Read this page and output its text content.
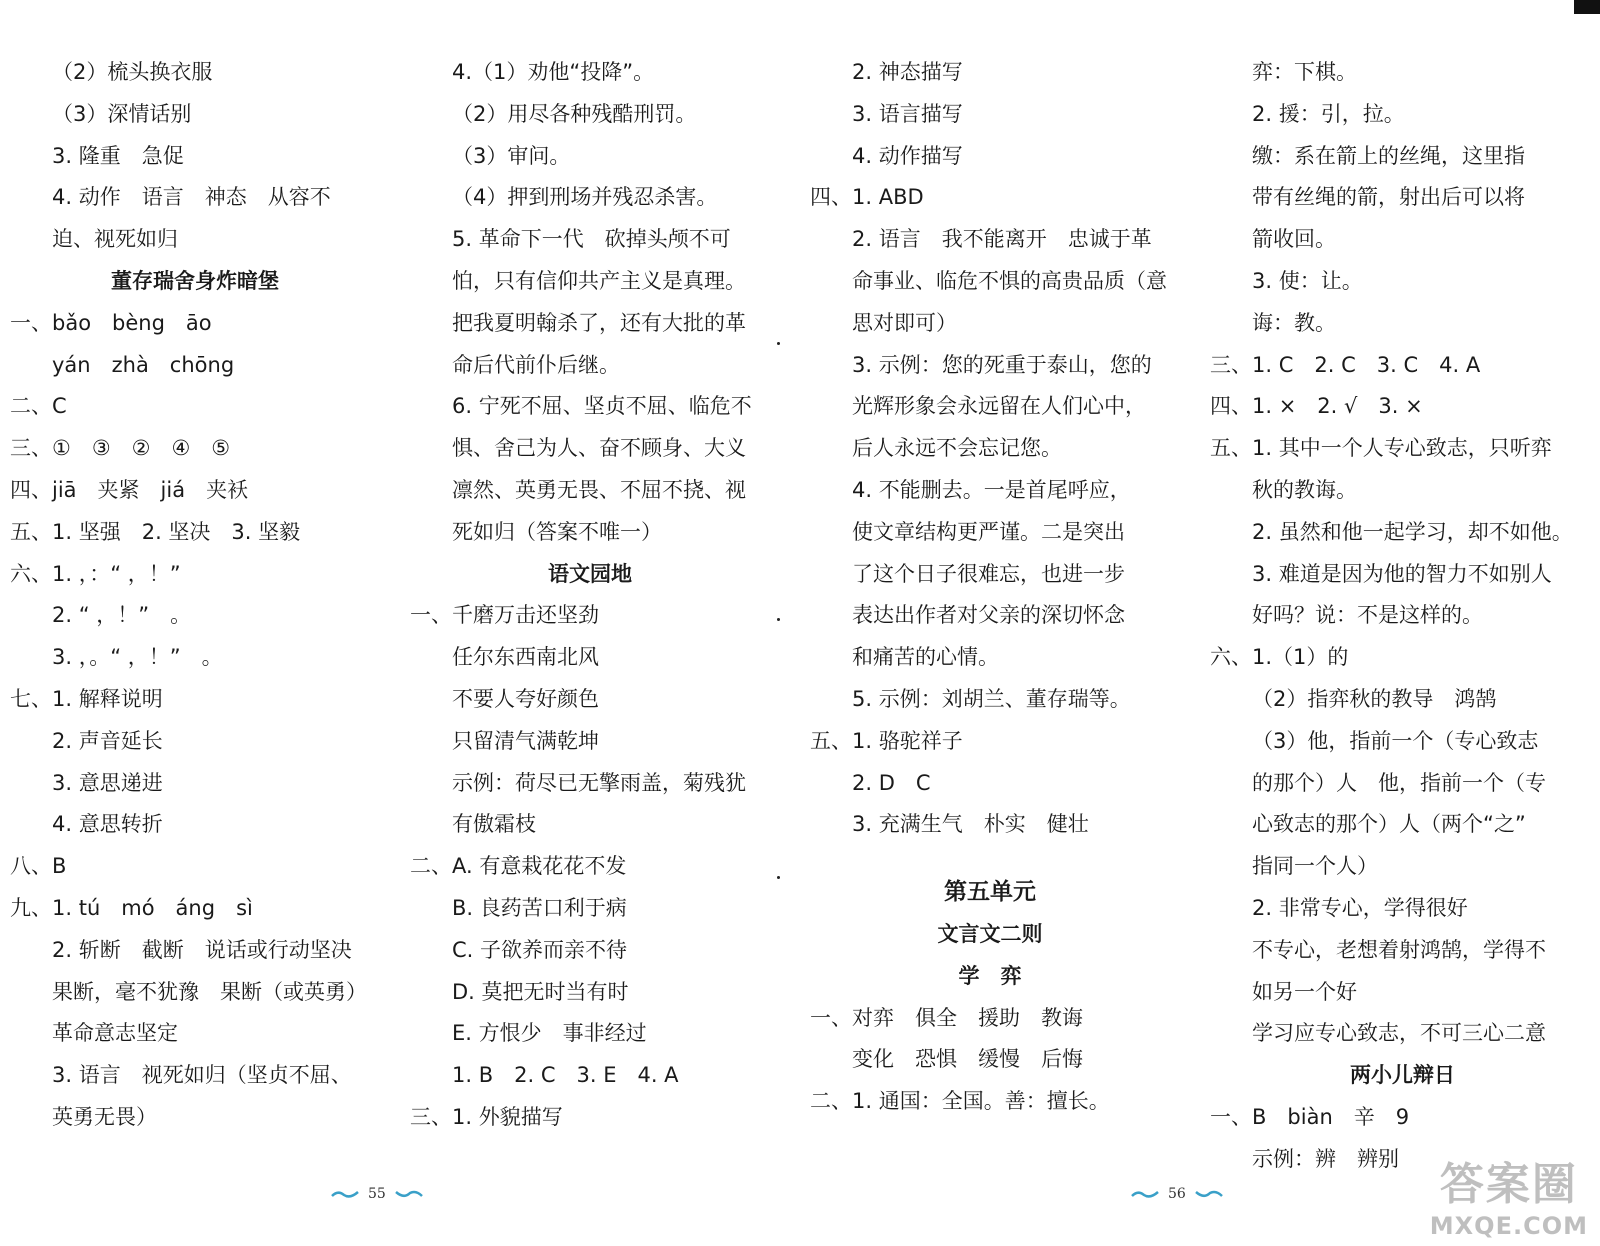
（2）梳头换衣服
（3）深情话别
3. 隆重　急促
4. 动作　语言　神态　从容不
迫、视死如归
董存瑞舍身炸暗堡
一、bǎo　bèng　āo
yán　zhà　chōng
二、C
三、①　③　②　④　⑤
四、jiā　夹紧　jiá　夹袄
五、1. 坚强　2. 坚决　3. 坚毅
六、1. ，：“ ，！”
2. “ ，！”　。
3. ，。“ ，！”　。
七、1. 解释说明
2. 声音延长
3. 意思递进
4. 意思转折
八、B
九、1. tú　mó　áng　sì
2. 斩断　截断　说话或行动坚决
果断，毫不犹豫　果断（或英勇）
革命意志坚定
3. 语言　视死如归（坚贞不屈、
英勇无畏）
4.（1）劝他“投降”。
（2）用尽各种残酷刑罚。
（3）审问。
（4）押到刑场并残忍杀害。
5. 革命下一代　砍掉头颅不可
怕，只有信仰共产主义是真理。
把我夏明翰杀了，还有大批的革
命后代前仆后继。
6. 宁死不屈、坚贞不屈、临危不
惧、舍己为人、奋不顾身、大义
凛然、英勇无畏、不屈不挠、视
死如归（答案不唯一）
语文园地
一、千磨万击还坚劲
任尔东西南北风
不要人夸好颜色
只留清气满乾坤
示例：荷尽已无擎雨盖，菊残犹
有傲霜枝
二、A. 有意栽花花不发
B. 良药苦口利于病
C. 子欲养而亲不待
D. 莫把无时当有时
E. 方恨少　事非经过
1. B　2. C　3. E　4. A
三、1. 外貌描写
2. 神态描写
3. 语言描写
4. 动作描写
四、1. ABD
2. 语言　我不能离开　忠诚于革
命事业、临危不惧的高贵品质（意
思对即可）
3. 示例：您的死重于泰山，您的
光辉形象会永远留在人们心中，
后人永远不会忘记您。
4. 不能删去。一是首尾呼应，
使文章结构更严谨。二是突出
了这个日子很难忘，也进一步
表达出作者对父亲的深切怀念
和痛苦的心情。
5. 示例：刘胡兰、董存瑞等。
五、1. 骆驼祥子
2. D　C
3. 充满生气　朴实　健壮
第五单元
文言文二则
学　弈
一、对弈　俱全　援助　教诲
变化　恐惧　缓慢　后悔
二、1. 通国：全国。善：擅长。
弈：下棋。
2. 援：引，拉。
缴：系在箭上的丝绳，这里指
带有丝绳的箭，射出后可以将
箭收回。
3. 使：让。
诲：教。
三、1. C　2. C　3. C　4. A
四、1. ×　2. √　3. ×
五、1. 其中一个人专心致志，只听弈
秋的教诲。
2. 虽然和他一起学习，却不如他。
3. 难道是因为他的智力不如别人
好吗？说：不是这样的。
六、1.（1）的
（2）指弈秋的教导　鸿鹄
（3）他，指前一个（专心致志
的那个）人　他，指前一个（专
心致志的那个）人（两个“之”
指同一个人）
2. 非常专心，学得很好
不专心，老想着射鸿鹄，学得不
如另一个好
学习应专心致志，不可三心二意
两小儿辩日
一、B　biàn　辛　9
示例：辨　辨别
55	56	答案圈
MXQE.COM
